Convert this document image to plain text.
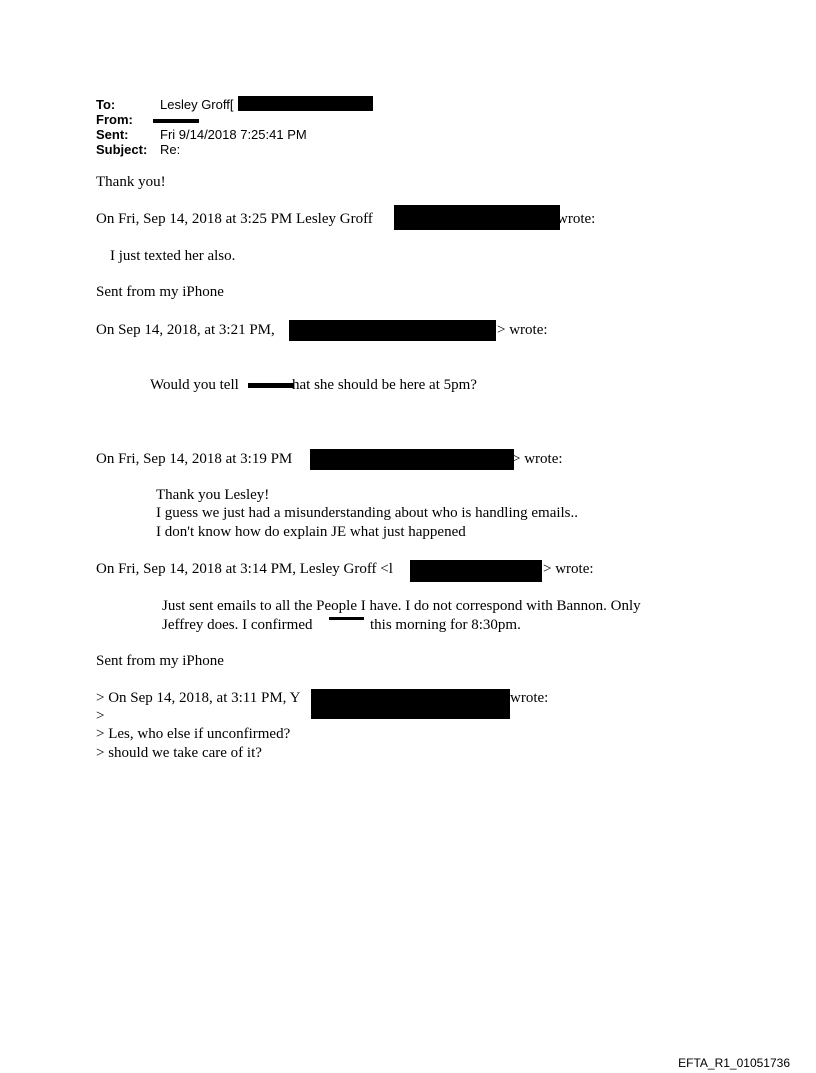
To:	Lesley Groff[
From:
Sent: Fri 9/14/2018 7:25:41 PM
Subject: Re:
Thank you!
On Fri, Sep 14, 2018 at 3:25 PM Lesley Groff	wrote:
I just texted her also.
Sent from my iPhone
On Sep 14, 2018, at 3:21 PM,	> wrote:
Would you tell	hat she should be here at 5pm?
On Fri, Sep 14, 2018 at 3:19 PM	> wrote:
Thank you Lesley!
I guess we just had a misunderstanding about who is handling emails..
I don't know how do explain JE what just happened
On Fri, Sep 14, 2018 at 3:14 PM, Lesley Groff <l	> wrote:
Just sent emails to all the People I have. I do not correspond with Bannon. Only
Jeffrey does. I confirmed	this morning for 8:30pm.
Sent from my iPhone
> On Sep 14, 2018, at 3:11 PM, Y	wrote:
>
> Les, who else if unconfirmed?
> should we take care of it?
EFTA_R1_01051736
